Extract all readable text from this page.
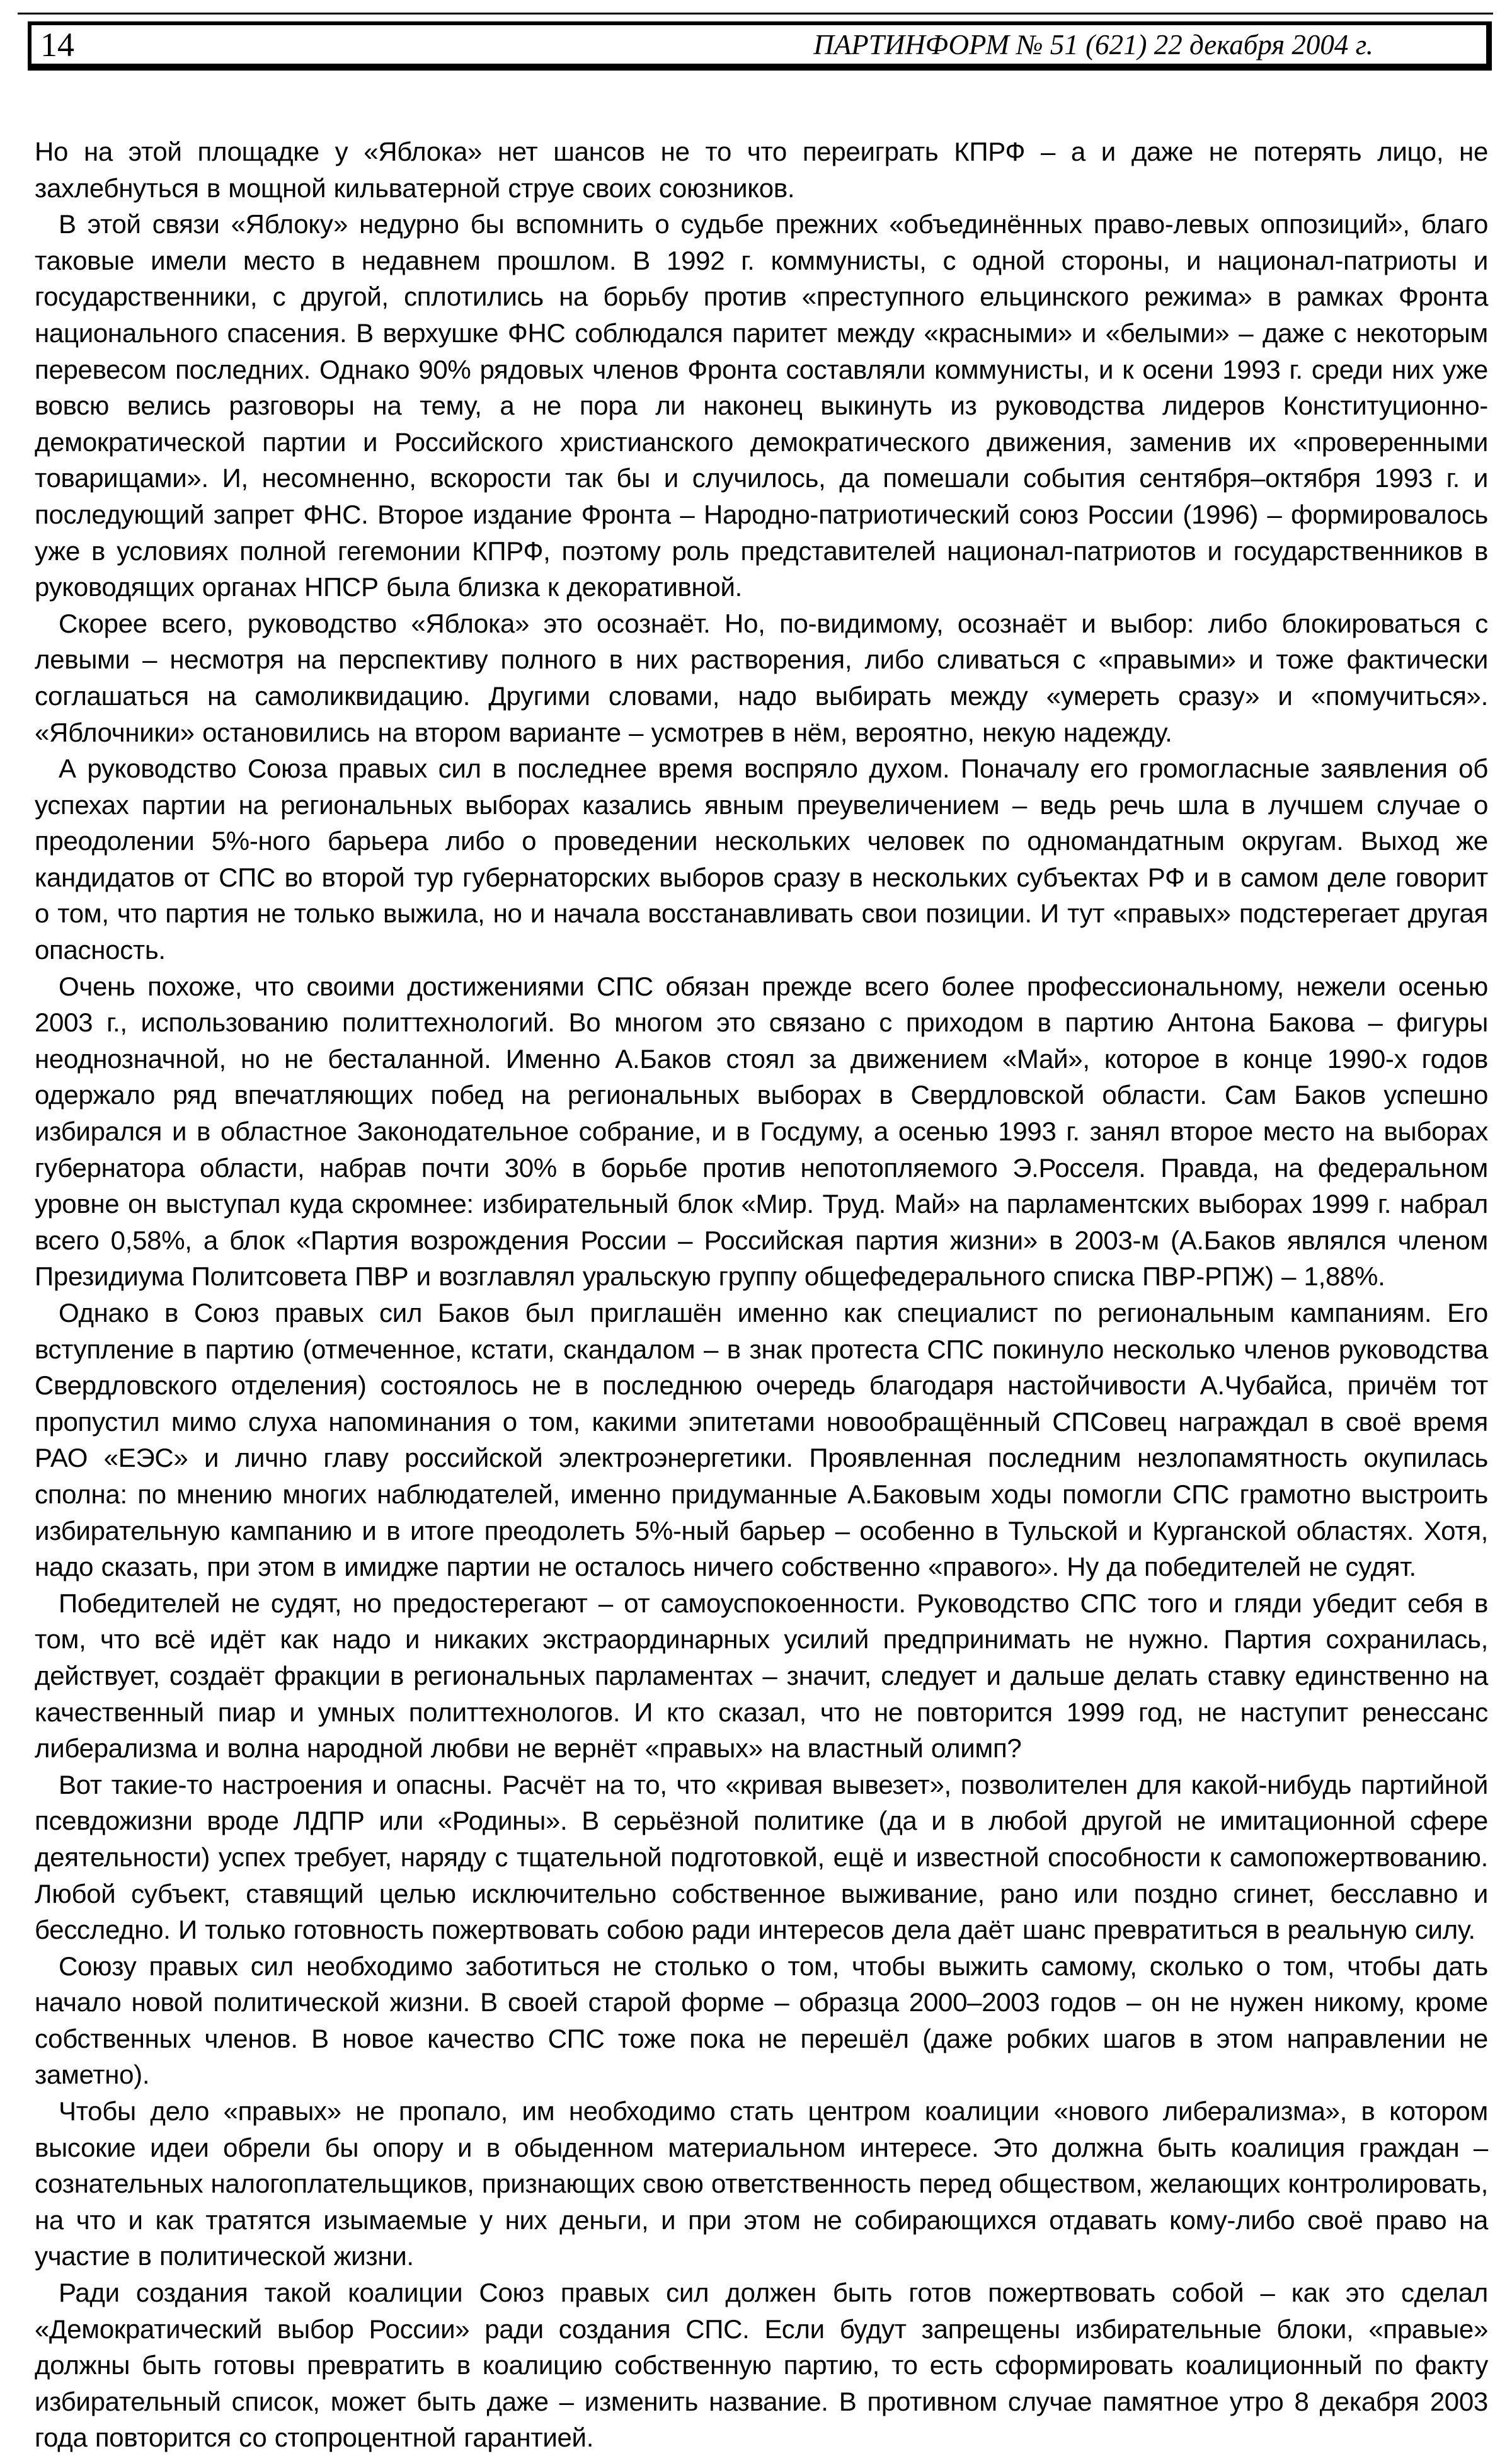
14	ПАРТИНФОРМ № 51 (621) 22 декабря 2004 г.

Но на этой площадке у «Яблока» нет шансов не то что переиграть КПРФ – а и даже не потерять лицо, не захлебнуться в мощной кильватерной струе своих союзников.

В этой связи «Яблоку» недурно бы вспомнить о судьбе прежних «объединённых право-левых оппозиций», благо таковые имели место в недавнем прошлом. В 1992 г. коммунисты, с одной стороны, и национал-патриоты и государственники, с другой, сплотились на борьбу против «преступного ельцинского режима» в рамках Фронта национального спасения. В верхушке ФНС соблюдался паритет между «красными» и «белыми» – даже с некоторым перевесом последних. Однако 90% рядовых членов Фронта составляли коммунисты, и к осени 1993 г. среди них уже вовсю велись разговоры на тему, а не пора ли наконец выкинуть из руководства лидеров Конституционно-демократической партии и Российского христианского демократического движения, заменив их «проверенными товарищами». И, несомненно, вскорости так бы и случилось, да помешали события сентября–октября 1993 г. и последующий запрет ФНС. Второе издание Фронта – Народно-патриотический союз России (1996) – формировалось уже в условиях полной гегемонии КПРФ, поэтому роль представителей национал-патриотов и государственников в руководящих органах НПСР была близка к декоративной.

Скорее всего, руководство «Яблока» это осознаёт. Но, по-видимому, осознаёт и выбор: либо блокироваться с левыми – несмотря на перспективу полного в них растворения, либо сливаться с «правыми» и тоже фактически соглашаться на самоликвидацию. Другими словами, надо выбирать между «умереть сразу» и «помучиться». «Яблочники» остановились на втором варианте – усмотрев в нём, вероятно, некую надежду.

А руководство Союза правых сил в последнее время воспряло духом. Поначалу его громогласные заявления об успехах партии на региональных выборах казались явным преувеличением – ведь речь шла в лучшем случае о преодолении 5%-ного барьера либо о проведении нескольких человек по одномандатным округам. Выход же кандидатов от СПС во второй тур губернаторских выборов сразу в нескольких субъектах РФ и в самом деле говорит о том, что партия не только выжила, но и начала восстанавливать свои позиции. И тут «правых» подстерегает другая опасность.

Очень похоже, что своими достижениями СПС обязан прежде всего более профессиональному, нежели осенью 2003 г., использованию политтехнологий. Во многом это связано с приходом в партию Антона Бакова – фигуры неоднозначной, но не бесталанной. Именно А.Баков стоял за движением «Май», которое в конце 1990-х годов одержало ряд впечатляющих побед на региональных выборах в Свердловской области. Сам Баков успешно избирался и в областное Законодательное собрание, и в Госдуму, а осенью 1993 г. занял второе место на выборах губернатора области, набрав почти 30% в борьбе против непотопляемого Э.Росселя. Правда, на федеральном уровне он выступал куда скромнее: избирательный блок «Мир. Труд. Май» на парламентских выборах 1999 г. набрал всего 0,58%, а блок «Партия возрождения России – Российская партия жизни» в 2003-м (А.Баков являлся членом Президиума Политсовета ПВР и возглавлял уральскую группу общефедерального списка ПВР-РПЖ) – 1,88%.

Однако в Союз правых сил Баков был приглашён именно как специалист по региональным кампаниям. Его вступление в партию (отмеченное, кстати, скандалом – в знак протеста СПС покинуло несколько членов руководства Свердловского отделения) состоялось не в последнюю очередь благодаря настойчивости А.Чубайса, причём тот пропустил мимо слуха напоминания о том, какими эпитетами новообращённый СПСовец награждал в своё время РАО «ЕЭС» и лично главу российской электроэнергетики. Проявленная последним незлопамятность окупилась сполна: по мнению многих наблюдателей, именно придуманные А.Баковым ходы помогли СПС грамотно выстроить избирательную кампанию и в итоге преодолеть 5%-ный барьер – особенно в Тульской и Курганской областях. Хотя, надо сказать, при этом в имидже партии не осталось ничего собственно «правого». Ну да победителей не судят.

Победителей не судят, но предостерегают – от самоуспокоенности. Руководство СПС того и гляди убедит себя в том, что всё идёт как надо и никаких экстраординарных усилий предпринимать не нужно. Партия сохранилась, действует, создаёт фракции в региональных парламентах – значит, следует и дальше делать ставку единственно на качественный пиар и умных политтехнологов. И кто сказал, что не повторится 1999 год, не наступит ренессанс либерализма и волна народной любви не вернёт «правых» на властный олимп?

Вот такие-то настроения и опасны. Расчёт на то, что «кривая вывезет», позволителен для какой-нибудь партийной псевдожизни вроде ЛДПР или «Родины». В серьёзной политике (да и в любой другой не имитационной сфере деятельности) успех требует, наряду с тщательной подготовкой, ещё и известной способности к самопожертвованию. Любой субъект, ставящий целью исключительно собственное выживание, рано или поздно сгинет, бесславно и бесследно. И только готовность пожертвовать собою ради интересов дела даёт шанс превратиться в реальную силу.

Союзу правых сил необходимо заботиться не столько о том, чтобы выжить самому, сколько о том, чтобы дать начало новой политической жизни. В своей старой форме – образца 2000–2003 годов – он не нужен никому, кроме собственных членов. В новое качество СПС тоже пока не перешёл (даже робких шагов в этом направлении не заметно).

Чтобы дело «правых» не пропало, им необходимо стать центром коалиции «нового либерализма», в котором высокие идеи обрели бы опору и в обыденном материальном интересе. Это должна быть коалиция граждан – сознательных налогоплательщиков, признающих свою ответственность перед обществом, желающих контролировать, на что и как тратятся изымаемые у них деньги, и при этом не собирающихся отдавать кому-либо своё право на участие в политической жизни.

Ради создания такой коалиции Союз правых сил должен быть готов пожертвовать собой – как это сделал «Демократический выбор России» ради создания СПС. Если будут запрещены избирательные блоки, «правые» должны быть готовы превратить в коалицию собственную партию, то есть сформировать коалиционный по факту избирательный список, может быть даже – изменить название. В противном случае памятное утро 8 декабря 2003 года повторится со стопроцентной гарантией.
